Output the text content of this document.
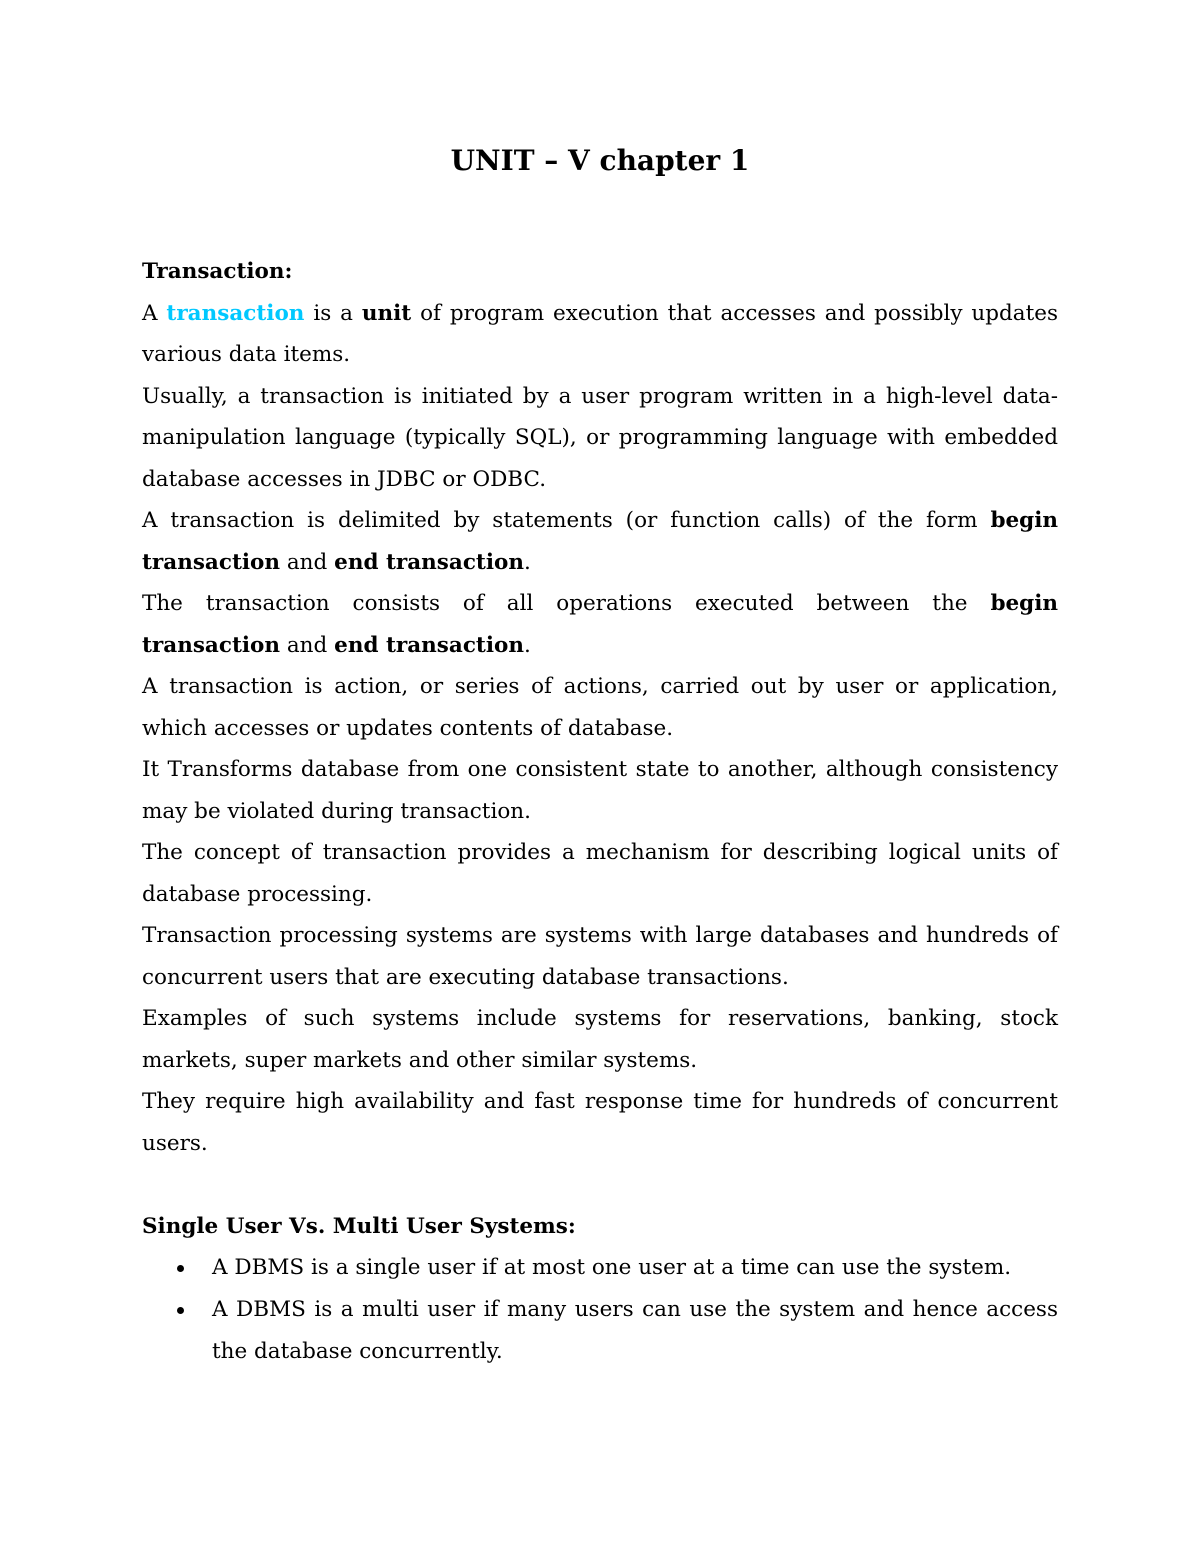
UNIT – V chapter 1

Transaction:

A transaction is a unit of program execution that accesses and possibly updates various data items.

Usually, a transaction is initiated by a user program written in a high-level data-manipulation language (typically SQL), or programming language with embedded database accesses in JDBC or ODBC.

A transaction is delimited by statements (or function calls) of the form begin transaction and end transaction.

The transaction consists of all operations executed between the begin transaction and end transaction.

A transaction is action, or series of actions, carried out by user or application, which accesses or updates contents of database.

It Transforms database from one consistent state to another, although consistency may be violated during transaction.

The concept of transaction provides a mechanism for describing logical units of database processing.

Transaction processing systems are systems with large databases and hundreds of concurrent users that are executing database transactions.

Examples of such systems include systems for reservations, banking, stock markets, super markets and other similar systems.

They require high availability and fast response time for hundreds of concurrent users.

Single User Vs. Multi User Systems:

A DBMS is a single user if at most one user at a time can use the system.
A DBMS is a multi user if many users can use the system and hence access the database concurrently.
